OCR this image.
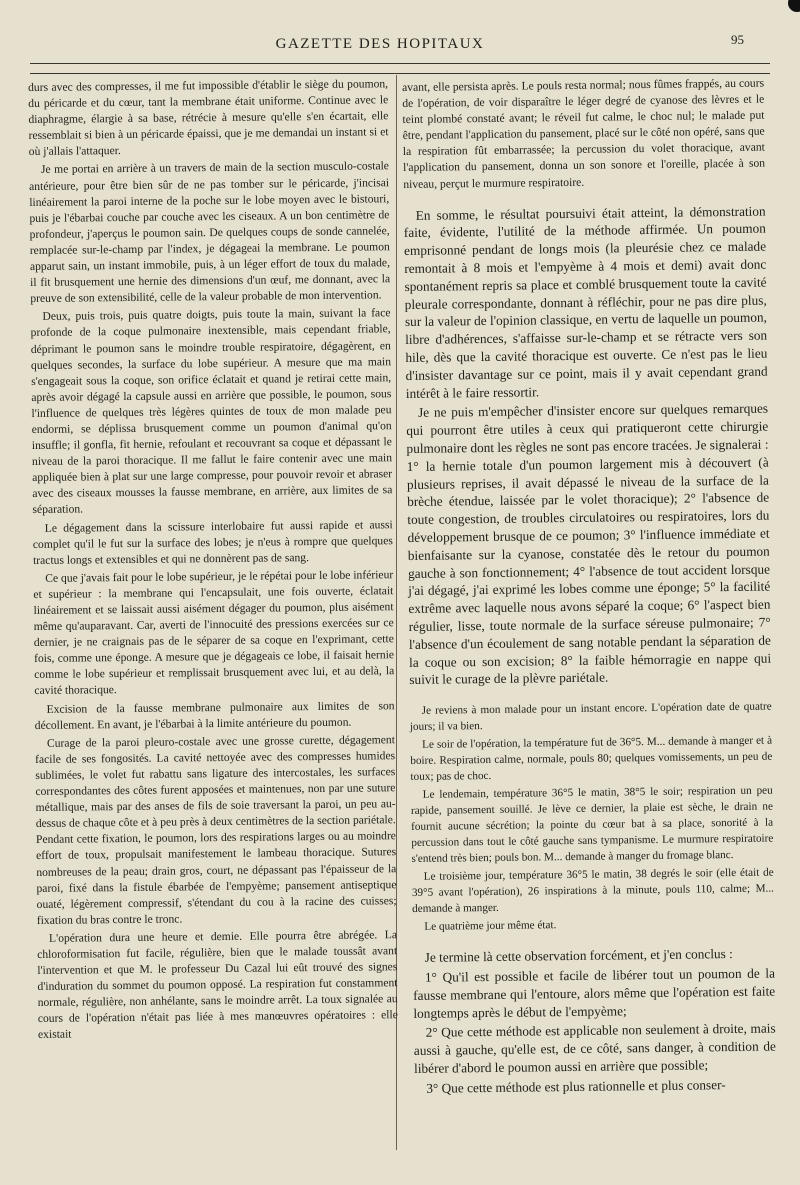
GAZETTE DES HOPITAUX	95

durs avec des compresses, il me fut impossible d'établir le siège du poumon, du péricarde et du cœur, tant la membrane était uniforme. Continue avec le diaphragme, élargie à sa base, rétrécie à mesure qu'elle s'en écartait, elle ressemblait si bien à un péricarde épaissi, que je me demandai un instant si et où j'allais l'attaquer.

Je me portai en arrière à un travers de main de la section musculo-costale antérieure, pour être bien sûr de ne pas tomber sur le péricarde, j'incisai linéairement la paroi interne de la poche sur le lobe moyen avec le bistouri, puis je l'ébarbai couche par couche avec les ciseaux. A un bon centimètre de profondeur, j'aperçus le poumon sain. De quelques coups de sonde cannelée, remplacée sur-le-champ par l'index, je dégageai la membrane. Le poumon apparut sain, un instant immobile, puis, à un léger effort de toux du malade, il fit brusquement une hernie des dimensions d'un œuf, me donnant, avec la preuve de son extensibilité, celle de la valeur probable de mon intervention.

Deux, puis trois, puis quatre doigts, puis toute la main, suivant la face profonde de la coque pulmonaire inextensible, mais cependant friable, déprimant le poumon sans le moindre trouble respiratoire, dégagèrent, en quelques secondes, la surface du lobe supérieur. A mesure que ma main s'engageait sous la coque, son orifice éclatait et quand je retirai cette main, après avoir dégagé la capsule aussi en arrière que possible, le poumon, sous l'influence de quelques très légères quintes de toux de mon malade peu endormi, se déplissa brusquement comme un poumon d'animal qu'on insuffle; il gonfla, fit hernie, refoulant et recouvrant sa coque et dépassant le niveau de la paroi thoracique. Il me fallut le faire contenir avec une main appliquée bien à plat sur une large compresse, pour pouvoir revoir et abraser avec des ciseaux mousses la fausse membrane, en arrière, aux limites de sa séparation.

Le dégagement dans la scissure interlobaire fut aussi rapide et aussi complet qu'il le fut sur la surface des lobes; je n'eus à rompre que quelques tractus longs et extensibles et qui ne donnèrent pas de sang.

Ce que j'avais fait pour le lobe supérieur, je le répétai pour le lobe inférieur et supérieur : la membrane qui l'encapsulait, une fois ouverte, éclatait linéairement et se laissait aussi aisément dégager du poumon, plus aisément même qu'auparavant. Car, averti de l'innocuité des pressions exercées sur ce dernier, je ne craignais pas de le séparer de sa coque en l'exprimant, cette fois, comme une éponge. A mesure que je dégageais ce lobe, il faisait hernie comme le lobe supérieur et remplissait brusquement avec lui, et au delà, la cavité thoracique.

Excision de la fausse membrane pulmonaire aux limites de son décollement. En avant, je l'ébarbai à la limite antérieure du poumon.

Curage de la paroi pleuro-costale avec une grosse curette, dégagement facile de ses fongosités. La cavité nettoyée avec des compresses humides sublimées, le volet fut rabattu sans ligature des intercostales, les surfaces correspondantes des côtes furent apposées et maintenues, non par une suture métallique, mais par des anses de fils de soie traversant la paroi, un peu au-dessus de chaque côte et à peu près à deux centimètres de la section pariétale. Pendant cette fixation, le poumon, lors des respirations larges ou au moindre effort de toux, propulsait manifestement le lambeau thoracique. Sutures nombreuses de la peau; drain gros, court, ne dépassant pas l'épaisseur de la paroi, fixé dans la fistule ébarbée de l'empyème; pansement antiseptique ouaté, légèrement compressif, s'étendant du cou à la racine des cuisses; fixation du bras contre le tronc.

L'opération dura une heure et demie. Elle pourra être abrégée. La chloroformisation fut facile, régulière, bien que le malade toussât avant l'intervention et que M. le professeur Du Cazal lui eût trouvé des signes d'induration du sommet du poumon opposé. La respiration fut constamment normale, régulière, non anhélante, sans le moindre arrêt. La toux signalée au cours de l'opération n'était pas liée à mes manœuvres opératoires : elle existait

avant, elle persista après. Le pouls resta normal; nous fûmes frappés, au cours de l'opération, de voir disparaître le léger degré de cyanose des lèvres et le teint plombé constaté avant; le réveil fut calme, le choc nul; le malade put être, pendant l'application du pansement, placé sur le côté non opéré, sans que la respiration fût embarrassée; la percussion du volet thoracique, avant l'application du pansement, donna un son sonore et l'oreille, placée à son niveau, perçut le murmure respiratoire.

En somme, le résultat poursuivi était atteint, la démonstration faite, évidente, l'utilité de la méthode affirmée. Un poumon emprisonné pendant de longs mois (la pleurésie chez ce malade remontait à 8 mois et l'empyème à 4 mois et demi) avait donc spontanément repris sa place et comblé brusquement toute la cavité pleurale correspondante, donnant à réfléchir, pour ne pas dire plus, sur la valeur de l'opinion classique, en vertu de laquelle un poumon, libre d'adhérences, s'affaisse sur-le-champ et se rétracte vers son hile, dès que la cavité thoracique est ouverte. Ce n'est pas le lieu d'insister davantage sur ce point, mais il y avait cependant grand intérêt à le faire ressortir.

Je ne puis m'empêcher d'insister encore sur quelques remarques qui pourront être utiles à ceux qui pratiqueront cette chirurgie pulmonaire dont les règles ne sont pas encore tracées. Je signalerai : 1° la hernie totale d'un poumon largement mis à découvert (à plusieurs reprises, il avait dépassé le niveau de la surface de la brèche étendue, laissée par le volet thoracique); 2° l'absence de toute congestion, de troubles circulatoires ou respiratoires, lors du développement brusque de ce poumon; 3° l'influence immédiate et bienfaisante sur la cyanose, constatée dès le retour du poumon gauche à son fonctionnement; 4° l'absence de tout accident lorsque j'ai dégagé, j'ai exprimé les lobes comme une éponge; 5° la facilité extrême avec laquelle nous avons séparé la coque; 6° l'aspect bien régulier, lisse, toute normale de la surface séreuse pulmonaire; 7° l'absence d'un écoulement de sang notable pendant la séparation de la coque ou son excision; 8° la faible hémorragie en nappe qui suivit le curage de la plèvre pariétale.

Je reviens à mon malade pour un instant encore. L'opération date de quatre jours; il va bien.

Le soir de l'opération, la température fut de 36°5. M... demande à manger et à boire. Respiration calme, normale, pouls 80; quelques vomissements, un peu de toux; pas de choc.

Le lendemain, température 36°5 le matin, 38°5 le soir; respiration un peu rapide, pansement souillé. Je lève ce dernier, la plaie est sèche, le drain ne fournit aucune sécrétion; la pointe du cœur bat à sa place, sonorité à la percussion dans tout le côté gauche sans tympanisme. Le murmure respiratoire s'entend très bien; pouls bon. M... demande à manger du fromage blanc.

Le troisième jour, température 36°5 le matin, 38 degrés le soir (elle était de 39°5 avant l'opération), 26 inspirations à la minute, pouls 110, calme; M... demande à manger.

Le quatrième jour même état.

Je termine là cette observation forcément, et j'en conclus :

1° Qu'il est possible et facile de libérer tout un poumon de la fausse membrane qui l'entoure, alors même que l'opération est faite longtemps après le début de l'empyème;

2° Que cette méthode est applicable non seulement à droite, mais aussi à gauche, qu'elle est, de ce côté, sans danger, à condition de libérer d'abord le poumon aussi en arrière que possible;

3° Que cette méthode est plus rationnelle et plus conser-
